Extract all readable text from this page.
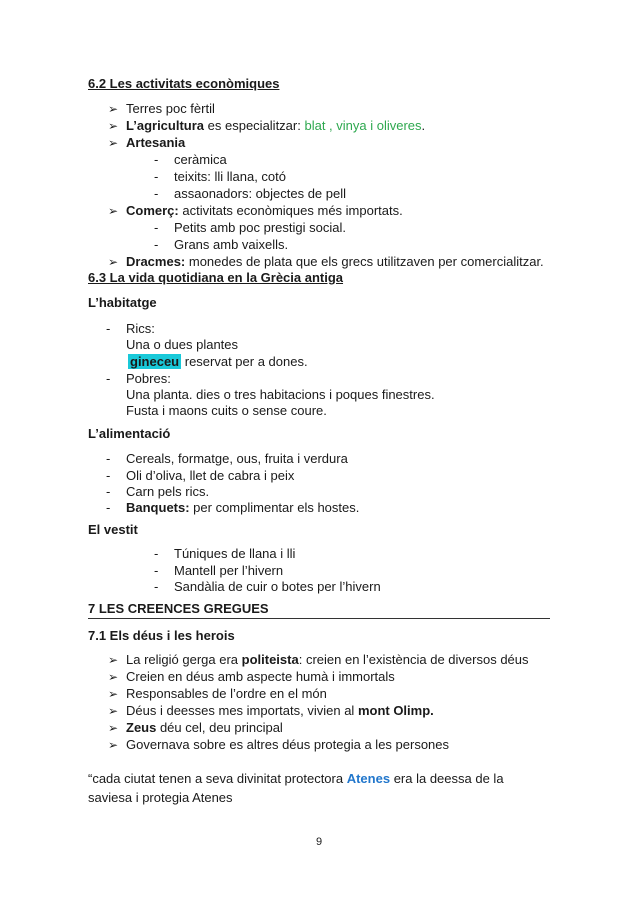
6.2 Les activitats econòmiques
➢ Terres poc fèrtil
➢ L’agricultura es especialitzar: blat , vinya i oliveres.
➢ Artesania
- ceràmica
- teixits: lli llana, cotó
- assaonadors: objectes de pell
➢ Comerç: activitats econòmiques més importats.
- Petits amb poc prestigi social.
- Grans amb vaixells.
➢ Dracmes: monedes de plata que els grecs utilitzaven per comercialitzar.
6.3 La vida quotidiana en la Grècia antiga
L’habitatge
- Rics:
Una o dues plantes
gineceu reservat per a dones.
- Pobres:
Una planta. dies o tres habitacions i poques finestres.
Fusta i maons cuits o sense coure.
L’alimentació
- Cereals, formatge, ous, fruita i verdura
- Oli d’oliva, llet de cabra i peix
- Carn pels rics.
- Banquets: per complimentar els hostes.
El vestit
- Túniques de llana i lli
- Mantell per l’hivern
- Sandàlia de cuir o botes per l’hivern
7 LES CREENCES GREGUES
7.1 Els déus i les herois
➢ La religió gerga era politeista: creien en l’existència de diversos déus
➢ Creien en déus amb aspecte humà i immortals
➢ Responsables de l’ordre en el món
➢ Déus i deesses mes importats, vivien al mont Olimp.
➢ Zeus déu cel, deu principal
➢ Governava sobre es altres déus protegia a les persones
“cada ciutat tenen a seva divinitat protectora Atenes era la deessa de la
saviesa i protegia Atenes
9
